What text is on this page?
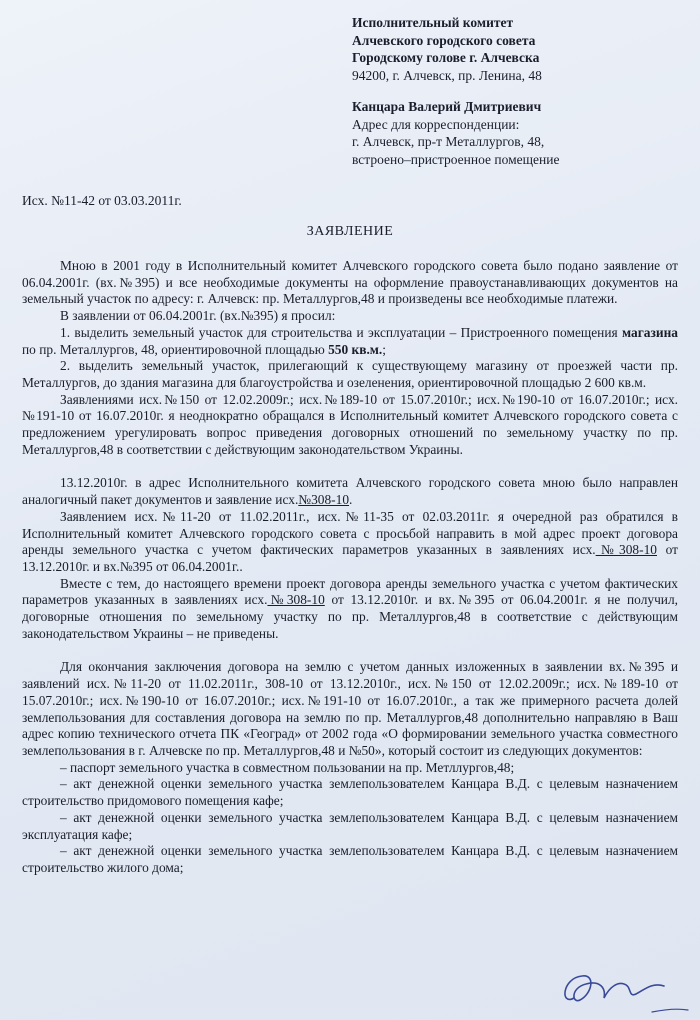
Исполнительный комитет
Алчевского городского совета
Городскому голове г. Алчевска
94200, г. Алчевск, пр. Ленина, 48
Канцара Валерий Дмитриевич
Адрес для корреспонденции:
г. Алчевск, пр-т Металлургов, 48,
встроено–пристроенное помещение
Исх. №11-42 от 03.03.2011г.
ЗАЯВЛЕНИЕ

Мною в 2001 году в Исполнительный комитет Алчевского городского совета было подано заявление от 06.04.2001г. (вх.№395) и все необходимые документы на оформление правоустанавливающих документов на земельный участок по адресу: г. Алчевск: пр. Металлургов,48 и произведены все необходимые платежи.

В заявлении от 06.04.2001г. (вх.№395) я просил:

1. выделить земельный участок для строительства и эксплуатации – Пристроенного помещения магазина по пр. Металлургов, 48, ориентировочной площадью 550 кв.м.;

2. выделить земельный участок, прилегающий к существующему магазину от проезжей части пр. Металлургов, до здания магазина для благоустройства и озеленения, ориентировочной площадью 2 600 кв.м.

Заявлениями исх.№150 от 12.02.2009г.; исх.№189-10 от 15.07.2010г.; исх.№190-10 от 16.07.2010г.; исх.№191-10 от 16.07.2010г. я неоднократно обращался в Исполнительный комитет Алчевского городского совета с предложением урегулировать вопрос приведения договорных отношений по земельному участку по пр. Металлургов,48 в соответствии с действующим законодательством Украины.

13.12.2010г. в адрес Исполнительного комитета Алчевского городского совета мною было направлен аналогичный пакет документов и заявление исх.№308-10.

Заявлением исх.№11-20 от 11.02.2011г., исх.№11-35 от 02.03.2011г. я очередной раз обратился в Исполнительный комитет Алчевского городского совета с просьбой направить в мой адрес проект договора аренды земельного участка с учетом фактических параметров указанных в заявлениях исх.№308-10 от 13.12.2010г. и вх.№395 от 06.04.2001г..

Вместе с тем, до настоящего времени проект договора аренды земельного участка с учетом фактических параметров указанных в заявлениях исх.№308-10 от 13.12.2010г. и вх.№395 от 06.04.2001г. я не получил, договорные отношения по земельному участку по пр. Металлургов,48 в соответствие с действующим законодательством Украины – не приведены.

Для окончания заключения договора на землю с учетом данных изложенных в заявлении вх.№395 и заявлений исх.№11-20 от 11.02.2011г., 308-10 от 13.12.2010г., исх.№150 от 12.02.2009г.; исх.№189-10 от 15.07.2010г.; исх.№190-10 от 16.07.2010г.; исх.№191-10 от 16.07.2010г., а так же примерного расчета долей землепользования для составления договора на землю по пр. Металлургов,48 дополнительно направляю в Ваш адрес копию технического отчета ПК «Геоград» от 2002 года «О формировании земельного участка совместного землепользования в г. Алчевске по пр. Металлургов,48 и №50», который состоит из следующих документов:

– паспорт земельного участка в совместном пользовании на пр. Метллургов,48;

– акт денежной оценки земельного участка землепользователем Канцара В.Д. с целевым назначением строительство придомового помещения кафе;

– акт денежной оценки земельного участка землепользователем Канцара В.Д. с целевым назначением эксплуатация кафе;

– акт денежной оценки земельного участка землепользователем Канцара В.Д. с целевым назначением строительство жилого дома;
